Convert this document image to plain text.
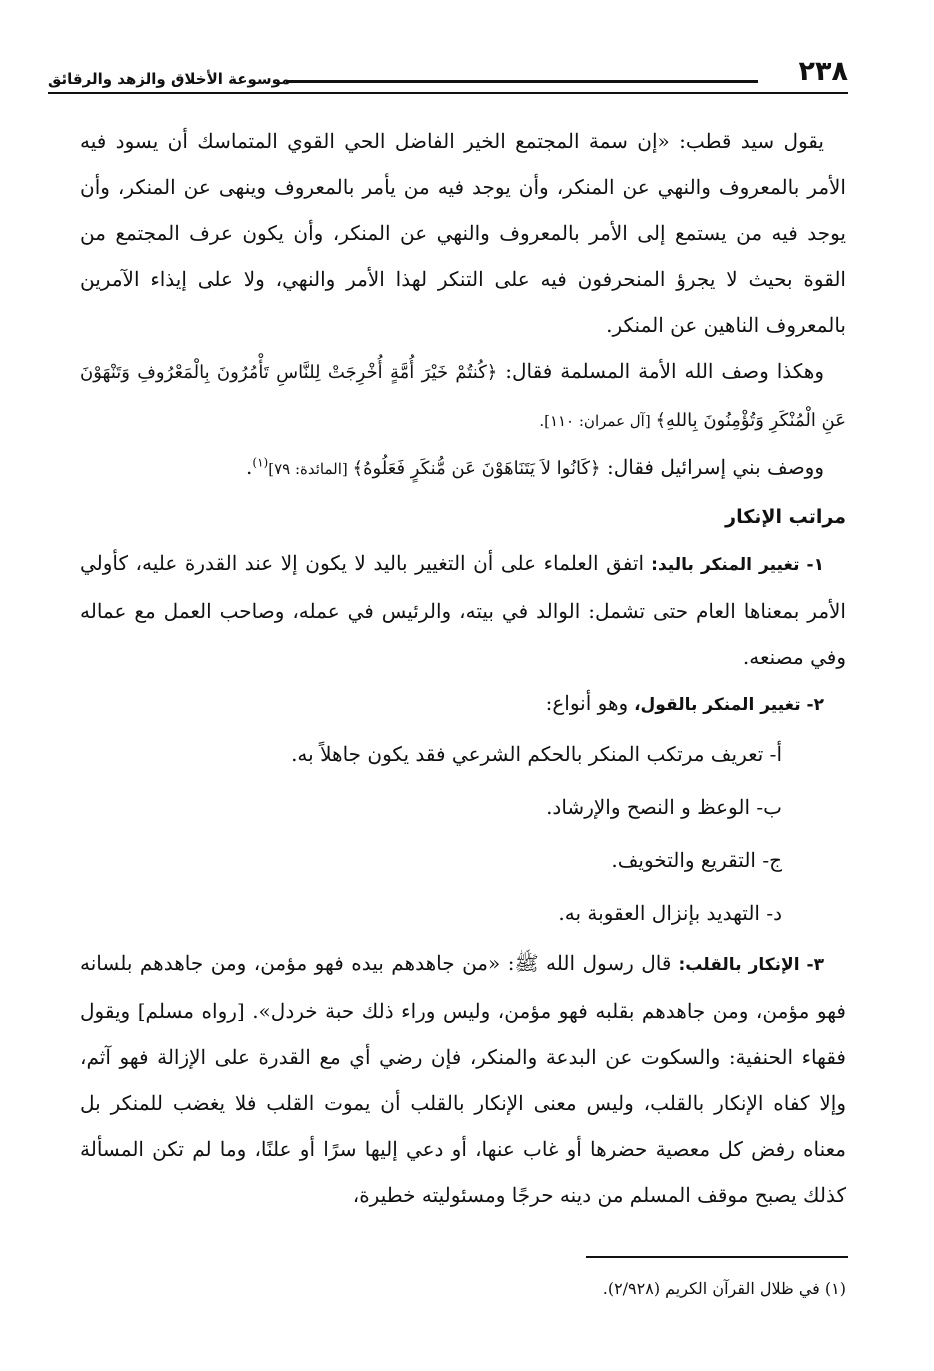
٢٣٨
موسوعة الأخلاق والزهد والرقائق

يقول سيد قطب: «إن سمة المجتمع الخير الفاضل الحي القوي المتماسك أن يسود فيه الأمر بالمعروف والنهي عن المنكر، وأن يوجد فيه من يأمر بالمعروف وينهى عن المنكر، وأن يوجد فيه من يستمع إلى الأمر بالمعروف والنهي عن المنكر، وأن يكون عرف المجتمع من القوة بحيث لا يجرؤ المنحرفون فيه على التنكر لهذا الأمر والنهي، ولا على إيذاء الآمرين بالمعروف الناهين عن المنكر.

وهكذا وصف الله الأمة المسلمة فقال: ﴿كُنتُمْ خَيْرَ أُمَّةٍ أُخْرِجَتْ لِلنَّاسِ تَأْمُرُونَ بِالْمَعْرُوفِ وَتَنْهَوْنَ عَنِ الْمُنْكَرِ وَتُؤْمِنُونَ بِاللهِ﴾ [آل عمران: ١١٠].

ووصف بني إسرائيل فقال: ﴿كَانُوا لاَ يَتَنَاهَوْنَ عَن مُّنكَرٍ فَعَلُوهُ﴾ [المائدة: ٧٩]$^{(١)}$.

مراتب الإنكار

١- تغيير المنكر باليد: اتفق العلماء على أن التغيير باليد لا يكون إلا عند القدرة عليه، كأولي الأمر بمعناها العام حتى تشمل: الوالد في بيته، والرئيس في عمله، وصاحب العمل مع عماله وفي مصنعه.

٢- تغيير المنكر بالقول، وهو أنواع:

أ- تعريف مرتكب المنكر بالحكم الشرعي فقد يكون جاهلاً به.

ب- الوعظ و النصح والإرشاد.

ج- التقريع والتخويف.

د- التهديد بإنزال العقوبة به.

٣- الإنكار بالقلب: قال رسول الله ﷺ: «من جاهدهم بيده فهو مؤمن، ومن جاهدهم بلسانه فهو مؤمن، ومن جاهدهم بقلبه فهو مؤمن، وليس وراء ذلك حبة خردل». [رواه مسلم] ويقول فقهاء الحنفية: والسكوت عن البدعة والمنكر، فإن رضي أي مع القدرة على الإزالة فهو آثم، وإلا كفاه الإنكار بالقلب، وليس معنى الإنكار بالقلب أن يموت القلب فلا يغضب للمنكر بل معناه رفض كل معصية حضرها أو غاب عنها، أو دعي إليها سرًا أو علنًا، وما لم تكن المسألة كذلك يصبح موقف المسلم من دينه حرجًا ومسئوليته خطيرة،

(١) في ظلال القرآن الكريم (٢/٩٢٨).
